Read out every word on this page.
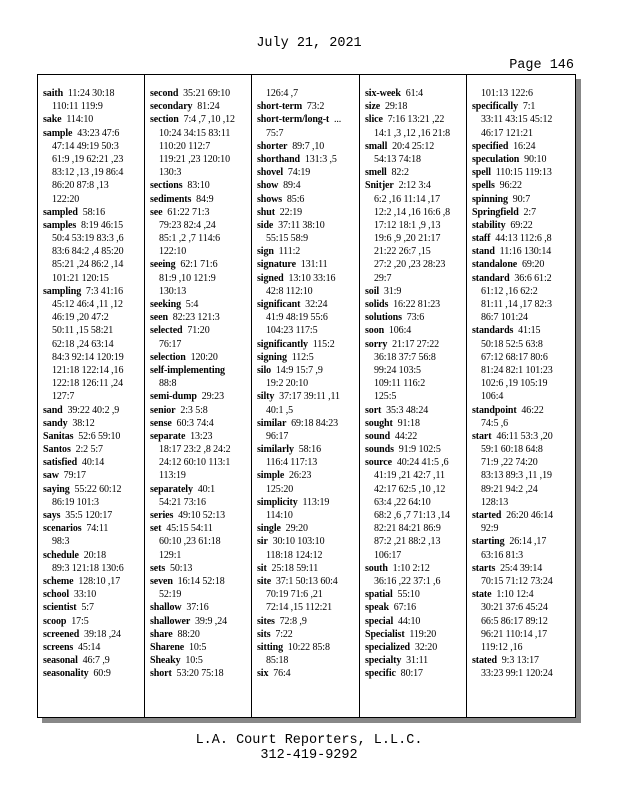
July 21, 2021
Page 146
saith 11:24 30:18
110:11 119:9
sake 114:10
sample 43:23 47:6
47:14 49:19 50:3
61:9 ,19 62:21 ,23
83:12 ,13 ,19 86:4
86:20 87:8 ,13
122:20
sampled 58:16
samples 8:19 46:15
50:4 53:19 83:3 ,6
83:6 84:2 ,4 85:20
85:21 ,24 86:2 ,14
101:21 120:15
sampling 7:3 41:16
45:12 46:4 ,11 ,12
46:19 ,20 47:2
50:11 ,15 58:21
62:18 ,24 63:14
84:3 92:14 120:19
121:18 122:14 ,16
122:18 126:11 ,24
127:7
sand 39:22 40:2 ,9
sandy 38:12
Sanitas 52:6 59:10
Santos 2:2 5:7
satisfied 40:14
saw 79:17
saying 55:22 60:12
86:19 101:3
says 35:5 120:17
scenarios 74:11
98:3
schedule 20:18
89:3 121:18 130:6
scheme 128:10 ,17
school 33:10
scientist 5:7
scoop 17:5
screened 39:18 ,24
screens 45:14
seasonal 46:7 ,9
seasonality 60:9
second 35:21 69:10
secondary 81:24
section 7:4 ,7 ,10 ,12
10:24 34:15 83:11
110:20 112:7
119:21 ,23 120:10
130:3
sections 83:10
sediments 84:9
see 61:22 71:3
79:23 82:4 ,24
85:1 ,2 ,7 114:6
122:10
seeing 62:1 71:6
81:9 ,10 121:9
130:13
seeking 5:4
seen 82:23 121:3
selected 71:20
76:17
selection 120:20
self-implementing
88:8
semi-dump 29:23
senior 2:3 5:8
sense 60:3 74:4
separate 13:23
18:17 23:2 ,8 24:2
24:12 60:10 113:1
113:19
separately 40:1
54:21 73:16
series 49:10 52:13
set 45:15 54:11
60:10 ,23 61:18
129:1
sets 50:13
seven 16:14 52:18
52:19
shallow 37:16
shallower 39:9 ,24
share 88:20
Sharene 10:5
Sheaky 10:5
short 53:20 75:18
126:4 ,7
short-term 73:2
short-term/long-t ...
75:7
shorter 89:7 ,10
shorthand 131:3 ,5
shovel 74:19
show 89:4
shows 85:6
shut 22:19
side 37:11 38:10
55:15 58:9
sign 111:2
signature 131:11
signed 13:10 33:16
42:8 112:10
significant 32:24
41:9 48:19 55:6
104:23 117:5
significantly 115:2
signing 112:5
silo 14:9 15:7 ,9
19:2 20:10
silty 37:17 39:11 ,11
40:1 ,5
similar 69:18 84:23
96:17
similarly 58:16
116:4 117:13
simple 26:23
125:20
simplicity 113:19
114:10
single 29:20
sir 30:10 103:10
118:18 124:12
sit 25:18 59:11
site 37:1 50:13 60:4
70:19 71:6 ,21
72:14 ,15 112:21
sites 72:8 ,9
sits 7:22
sitting 10:22 85:8
85:18
six 76:4
six-week 61:4
size 29:18
slice 7:16 13:21 ,22
14:1 ,3 ,12 ,16 21:8
small 20:4 25:12
54:13 74:18
smell 82:2
Snitjer 2:12 3:4
6:2 ,16 11:14 ,17
12:2 ,14 ,16 16:6 ,8
17:12 18:1 ,9 ,13
19:6 ,9 ,20 21:17
21:22 26:7 ,15
27:2 ,20 ,23 28:23
29:7
soil 31:9
solids 16:22 81:23
solutions 73:6
soon 106:4
sorry 21:17 27:22
36:18 37:7 56:8
99:24 103:5
109:11 116:2
125:5
sort 35:3 48:24
sought 91:18
sound 44:22
sounds 91:9 102:5
source 40:24 41:5 ,6
41:19 ,21 42:7 ,11
42:17 62:5 ,10 ,12
63:4 ,22 64:10
68:2 ,6 ,7 71:13 ,14
82:21 84:21 86:9
87:2 ,21 88:2 ,13
106:17
south 1:10 2:12
36:16 ,22 37:1 ,6
spatial 55:10
speak 67:16
special 44:10
Specialist 119:20
specialized 32:20
specialty 31:11
specific 80:17
101:13 122:6
specifically 7:1
33:11 43:15 45:12
46:17 121:21
specified 16:24
speculation 90:10
spell 110:15 119:13
spells 96:22
spinning 90:7
Springfield 2:7
stability 69:22
staff 44:13 112:6 ,8
stand 11:16 130:14
standalone 69:20
standard 36:6 61:2
61:12 ,16 62:2
81:11 ,14 ,17 82:3
86:7 101:24
standards 41:15
50:18 52:5 63:8
67:12 68:17 80:6
81:24 82:1 101:23
102:6 ,19 105:19
106:4
standpoint 46:22
74:5 ,6
start 46:11 53:3 ,20
59:1 60:18 64:8
71:9 ,22 74:20
83:13 89:3 ,11 ,19
89:21 94:2 ,24
128:13
started 26:20 46:14
92:9
starting 26:14 ,17
63:16 81:3
starts 25:4 39:14
70:15 71:12 73:24
state 1:10 12:4
30:21 37:6 45:24
66:5 86:17 89:12
96:21 110:14 ,17
119:12 ,16
stated 9:3 13:17
33:23 99:1 120:24
L.A. Court Reporters, L.L.C.
312-419-9292
